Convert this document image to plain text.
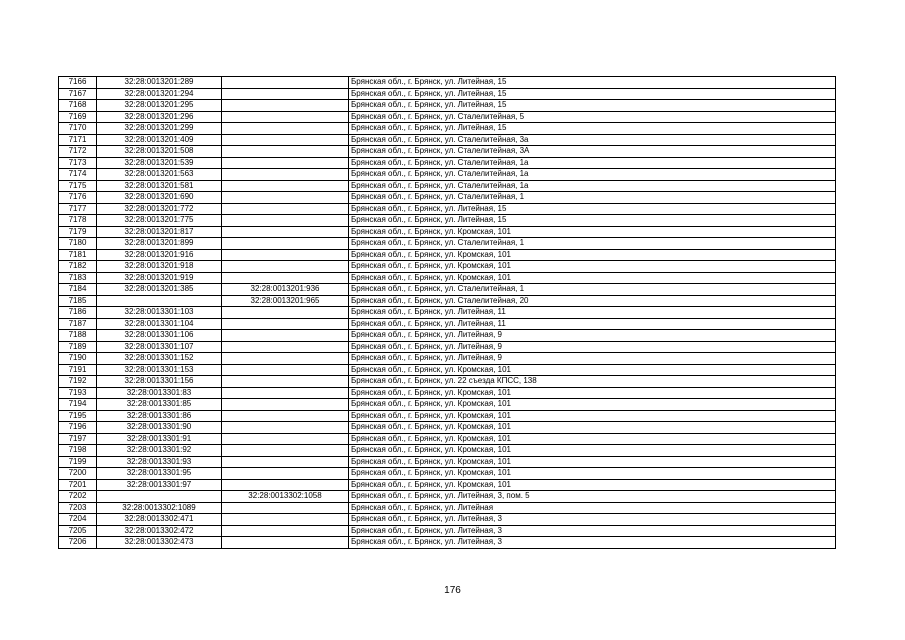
7166	32:28:0013201:289		Брянская обл., г. Брянск, ул. Литейная, 15
7167	32:28:0013201:294		Брянская обл., г. Брянск, ул. Литейная, 15
7168	32:28:0013201:295		Брянская обл., г. Брянск, ул. Литейная, 15
7169	32:28:0013201:296		Брянская обл., г. Брянск, ул. Сталелитейная, 5
7170	32:28:0013201:299		Брянская обл., г. Брянск, ул. Литейная, 15
7171	32:28:0013201:409		Брянская обл., г. Брянск, ул. Сталелитейная, 3а
7172	32:28:0013201:508		Брянская обл., г. Брянск, ул. Сталелитейная, 3А
7173	32:28:0013201:539		Брянская обл., г. Брянск, ул. Сталелитейная, 1а
7174	32:28:0013201:563		Брянская обл., г. Брянск, ул. Сталелитейная, 1а
7175	32:28:0013201:581		Брянская обл., г. Брянск, ул. Сталелитейная, 1а
7176	32:28:0013201:690		Брянская обл., г. Брянск, ул. Сталелитейная, 1
7177	32:28:0013201:772		Брянская обл., г. Брянск, ул. Литейная, 15
7178	32:28:0013201:775		Брянская обл., г. Брянск, ул. Литейная, 15
7179	32:28:0013201:817		Брянская обл., г. Брянск, ул. Кромская, 101
7180	32:28:0013201:899		Брянская обл., г. Брянск, ул. Сталелитейная, 1
7181	32:28:0013201:916		Брянская обл., г. Брянск, ул. Кромская, 101
7182	32:28:0013201:918		Брянская обл., г. Брянск, ул. Кромская, 101
7183	32:28:0013201:919		Брянская обл., г. Брянск, ул. Кромская, 101
7184	32:28:0013201:385	32:28:0013201:936	Брянская обл., г. Брянск, ул. Сталелитейная, 1
7185		32:28:0013201:965	Брянская обл., г. Брянск, ул. Сталелитейная, 20
7186	32:28:0013301:103		Брянская обл., г. Брянск, ул. Литейная, 11
7187	32:28:0013301:104		Брянская обл., г. Брянск, ул. Литейная, 11
7188	32:28:0013301:106		Брянская обл., г. Брянск, ул. Литейная, 9
7189	32:28:0013301:107		Брянская обл., г. Брянск, ул. Литейная, 9
7190	32:28:0013301:152		Брянская обл., г. Брянск, ул. Литейная, 9
7191	32:28:0013301:153		Брянская обл., г. Брянск, ул. Кромская, 101
7192	32:28:0013301:156		Брянская обл., г. Брянск, ул. 22 съезда КПСС, 138
7193	32:28:0013301:83		Брянская обл., г. Брянск, ул. Кромская, 101
7194	32:28:0013301:85		Брянская обл., г. Брянск, ул. Кромская, 101
7195	32:28:0013301:86		Брянская обл., г. Брянск, ул. Кромская, 101
7196	32:28:0013301:90		Брянская обл., г. Брянск, ул. Кромская, 101
7197	32:28:0013301:91		Брянская обл., г. Брянск, ул. Кромская, 101
7198	32:28:0013301:92		Брянская обл., г. Брянск, ул. Кромская, 101
7199	32:28:0013301:93		Брянская обл., г. Брянск, ул. Кромская, 101
7200	32:28:0013301:95		Брянская обл., г. Брянск, ул. Кромская, 101
7201	32:28:0013301:97		Брянская обл., г. Брянск, ул. Кромская, 101
7202		32:28:0013302:1058	Брянская обл., г. Брянск, ул. Литейная, 3, пом. 5
7203	32:28:0013302:1089		Брянская обл., г. Брянск, ул. Литейная
7204	32:28:0013302:471		Брянская обл., г. Брянск, ул. Литейная, 3
7205	32:28:0013302:472		Брянская обл., г. Брянск, ул. Литейная, 3
7206	32:28:0013302:473		Брянская обл., г. Брянск, ул. Литейная, 3
176
